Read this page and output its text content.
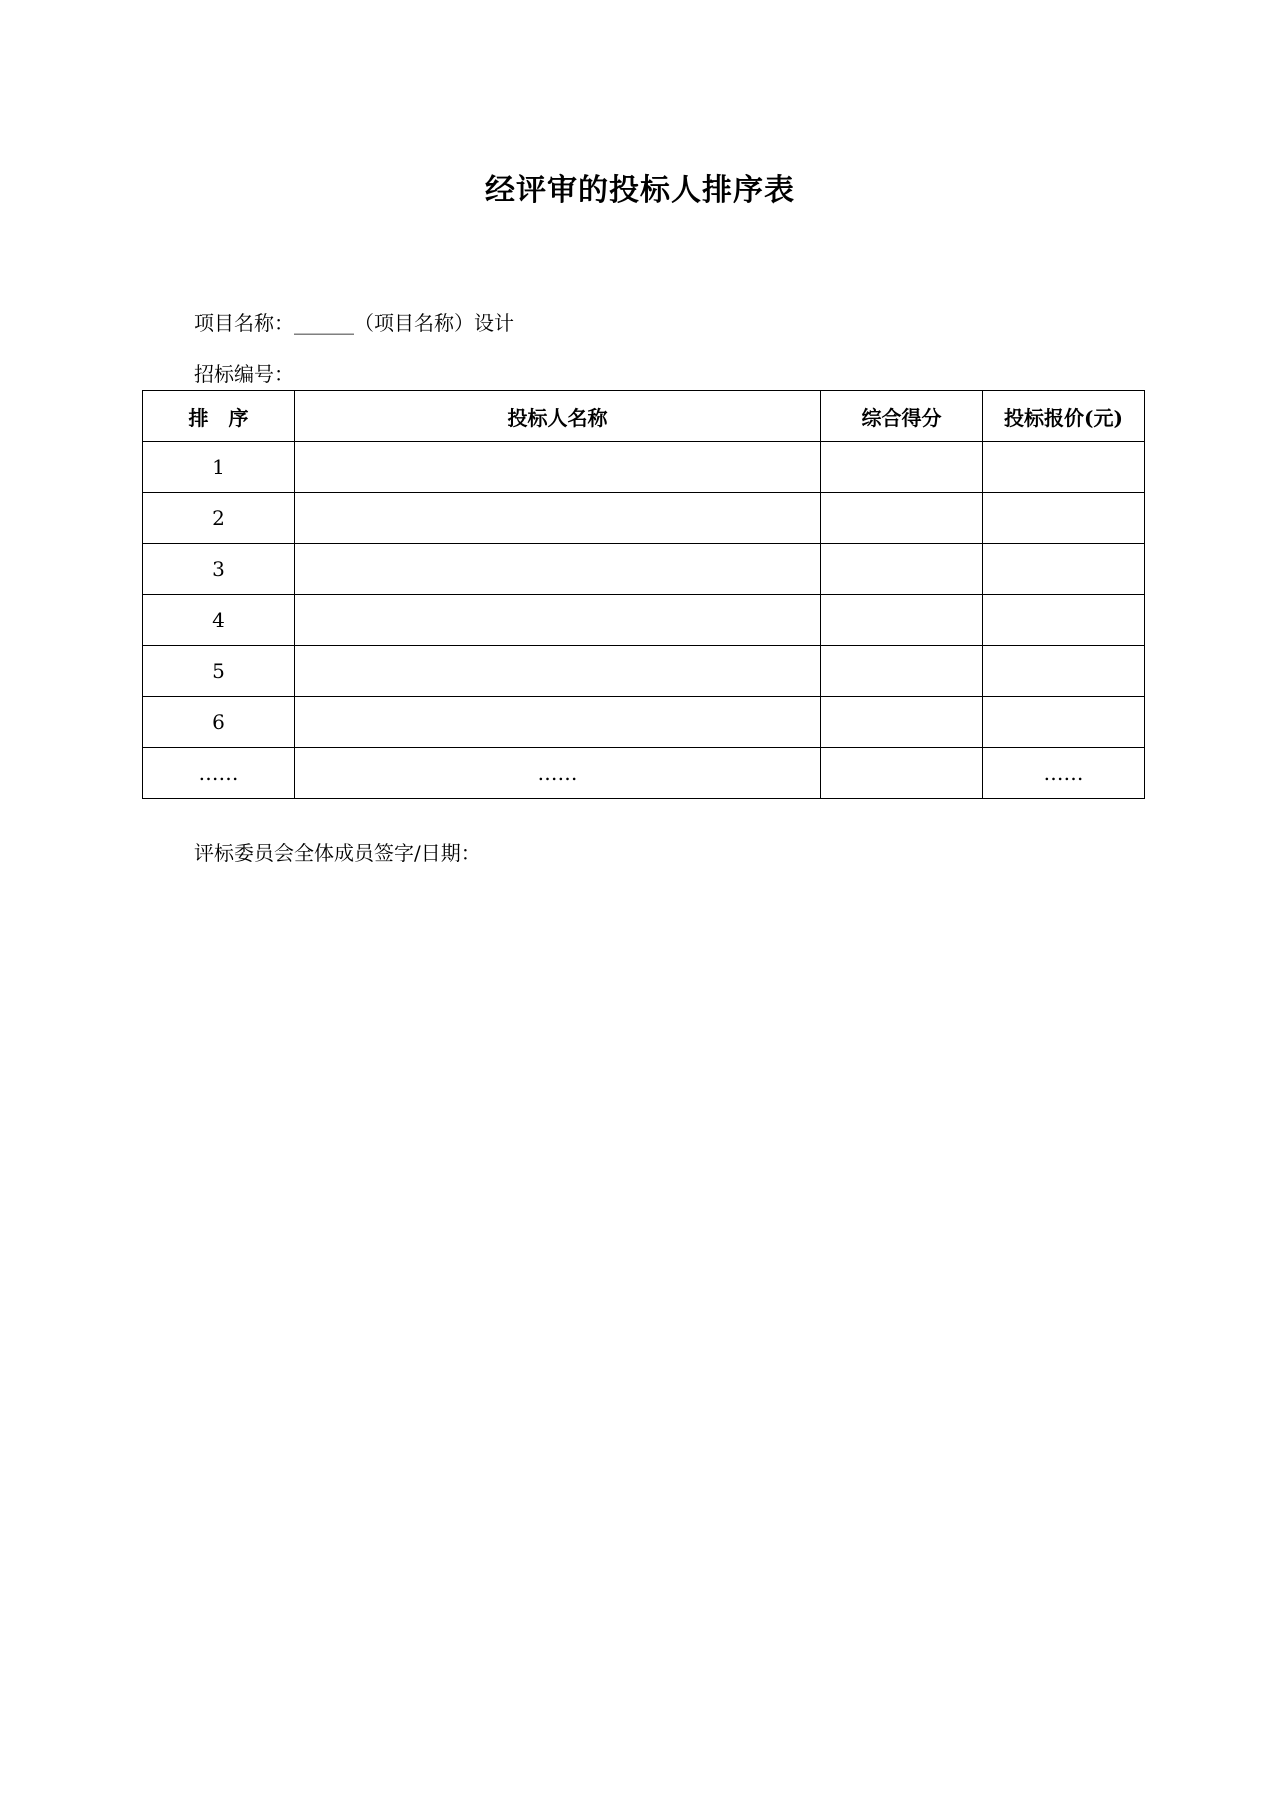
经评审的投标人排序表
项目名称：______（项目名称）设计
招标编号：
排　序	投标人名称	综合得分	投标报价(元)
1			
2			
3			
4			
5			
6			
……	……		……
评标委员会全体成员签字/日期：
